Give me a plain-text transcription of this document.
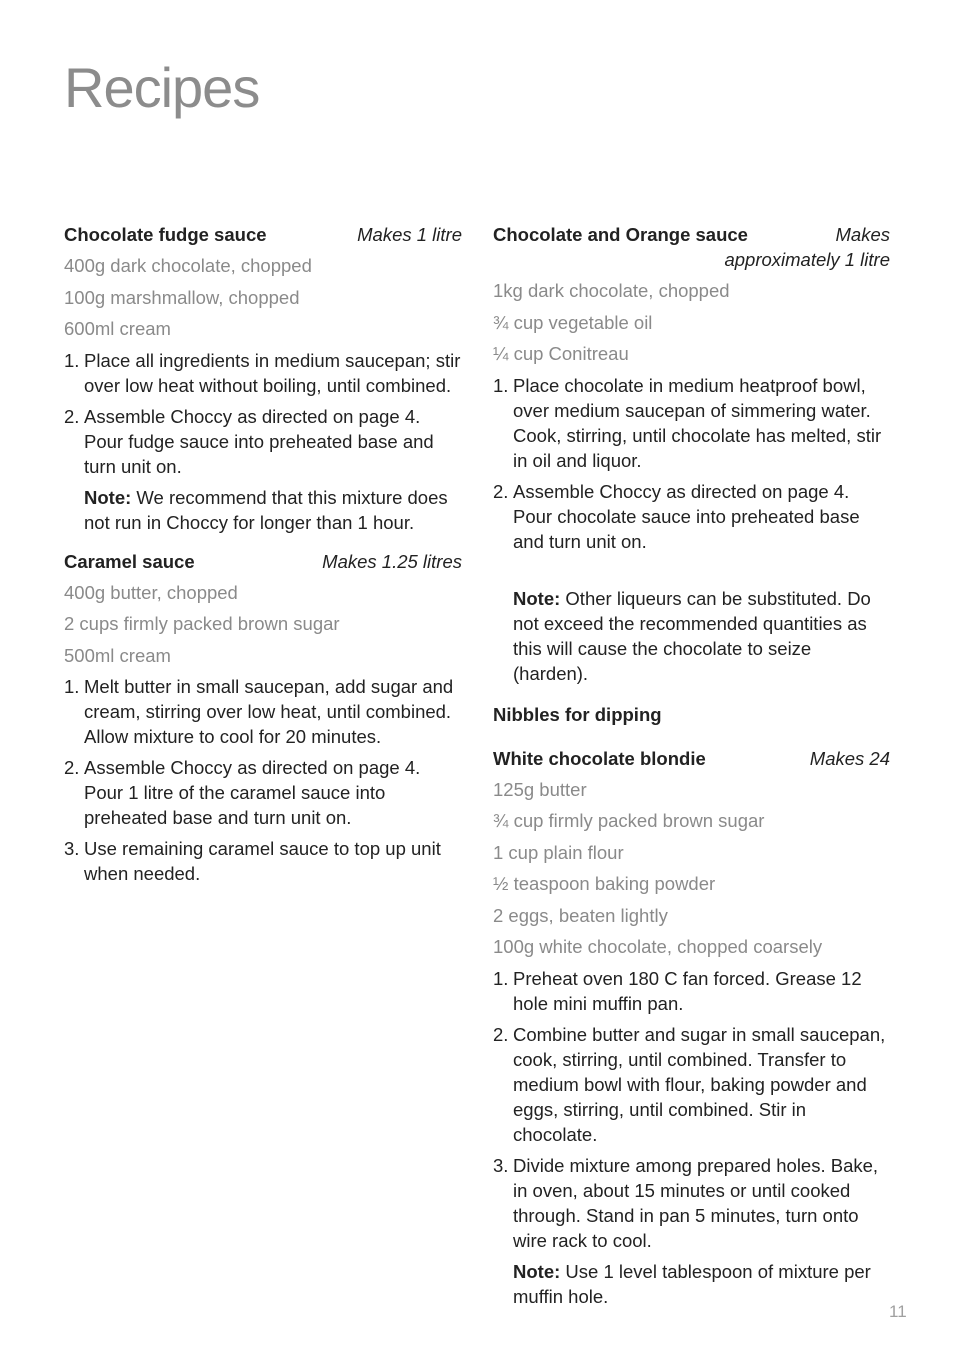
Recipes
Chocolate fudge sauce	Makes 1 litre
400g dark chocolate, chopped
100g marshmallow, chopped
600ml cream
1. Place all ingredients in medium saucepan; stir over low heat without boiling, until combined.
2. Assemble Choccy as directed on page 4. Pour fudge sauce into preheated base and turn unit on.
Note: We recommend that this mixture does not run in Choccy for longer than 1 hour.
Caramel sauce	Makes 1.25 litres
400g butter, chopped
2 cups firmly packed brown sugar
500ml cream
1. Melt butter in small saucepan, add sugar and cream, stirring over low heat, until combined. Allow mixture to cool for 20 minutes.
2. Assemble Choccy as directed on page 4. Pour 1 litre of the caramel sauce into preheated base and turn unit on.
3. Use remaining caramel sauce to top up unit when needed.
Chocolate and Orange sauce	Makes
approximately 1 litre
1kg dark chocolate, chopped
¾ cup vegetable oil
¼ cup Conitreau
1. Place chocolate in medium heatproof bowl, over medium saucepan of simmering water. Cook, stirring, until chocolate has melted, stir in oil and liquor.
2. Assemble Choccy as directed on page 4. Pour chocolate sauce into preheated base and turn unit on.
Note: Other liqueurs can be substituted. Do not exceed the recommended quantities as this will cause the chocolate to seize (harden).
Nibbles for dipping
White chocolate blondie	Makes 24
125g butter
¾ cup firmly packed brown sugar
1 cup plain flour
½ teaspoon baking powder
2 eggs, beaten lightly
100g white chocolate, chopped coarsely
1. Preheat oven 180 C fan forced. Grease 12 hole mini muffin pan.
2. Combine butter and sugar in small saucepan, cook, stirring, until combined. Transfer to medium bowl with flour, baking powder and eggs, stirring, until combined. Stir in chocolate.
3. Divide mixture among prepared holes. Bake, in oven, about 15 minutes or until cooked through. Stand in pan 5 minutes, turn onto wire rack to cool.
Note: Use 1 level tablespoon of mixture per muffin hole.
11
